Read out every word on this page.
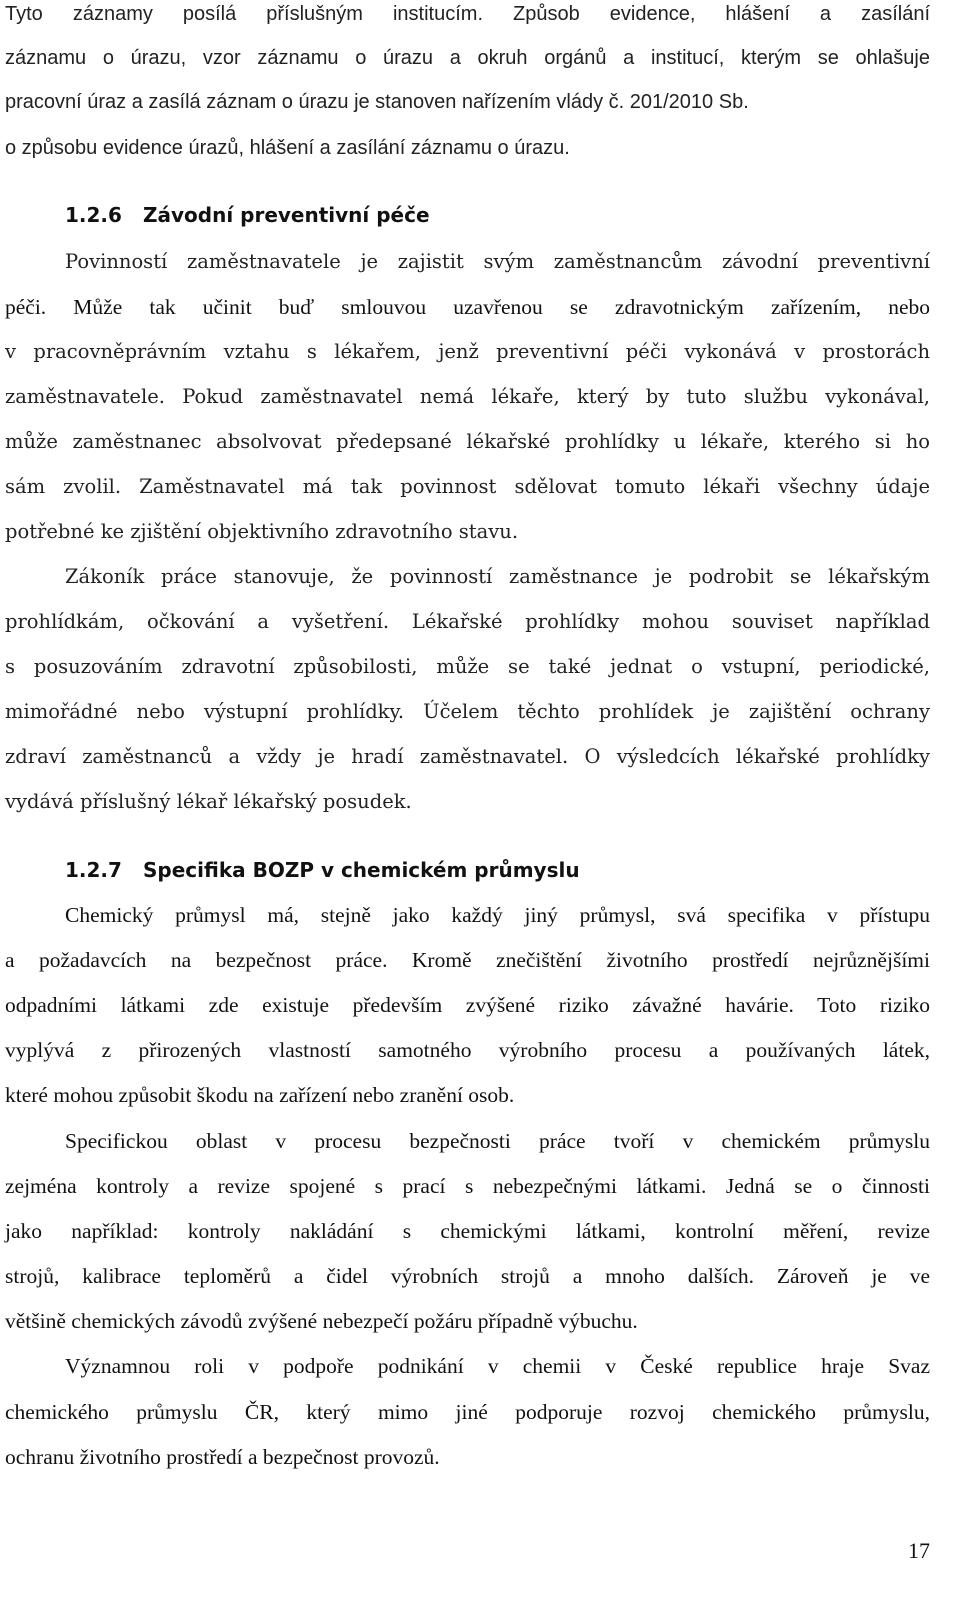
Tyto záznamy posílá příslušným institucím. Způsob evidence, hlášení a zasílání
záznamu o úrazu, vzor záznamu o úrazu a okruh orgánů a institucí, kterým se ohlašuje
pracovní úraz a zasílá záznam o úrazu je stanoven nařízením vlády č. 201/2010 Sb.
o způsobu evidence úrazů, hlášení a zasílání záznamu o úrazu.
1.2.6 Závodní preventivní péče
Povinností zaměstnavatele je zajistit svým zaměstnancům závodní preventivní
péči. Může tak učinit buď smlouvou uzavřenou se zdravotnickým zařízením, nebo
v pracovněprávním vztahu s lékařem, jenž preventivní péči vykonává v prostorách
zaměstnavatele. Pokud zaměstnavatel nemá lékaře, který by tuto službu vykonával,
může zaměstnanec absolvovat předepsané lékařské prohlídky u lékaře, kterého si ho
sám zvolil. Zaměstnavatel má tak povinnost sdělovat tomuto lékaři všechny údaje
potřebné ke zjištění objektivního zdravotního stavu.
Zákoník práce stanovuje, že povinností zaměstnance je podrobit se lékařským
prohlídkám, očkování a vyšetření. Lékařské prohlídky mohou souviset například
s posuzováním zdravotní způsobilosti, může se také jednat o vstupní, periodické,
mimořádné nebo výstupní prohlídky. Účelem těchto prohlídek je zajištění ochrany
zdraví zaměstnanců a vždy je hradí zaměstnavatel. O výsledcích lékařské prohlídky
vydává příslušný lékař lékařský posudek.
1.2.7 Specifika BOZP v chemickém průmyslu
Chemický průmysl má, stejně jako každý jiný průmysl, svá specifika v přístupu
a požadavcích na bezpečnost práce. Kromě znečištění životního prostředí nejrůznějšími
odpadními látkami zde existuje především zvýšené riziko závažné havárie. Toto riziko
vyplývá z přirozených vlastností samotného výrobního procesu a používaných látek,
které mohou způsobit škodu na zařízení nebo zranění osob.
Specifickou oblast v procesu bezpečnosti práce tvoří v chemickém průmyslu
zejména kontroly a revize spojené s prací s nebezpečnými látkami. Jedná se o činnosti
jako například: kontroly nakládání s chemickými látkami, kontrolní měření, revize
strojů, kalibrace teploměrů a čidel výrobních strojů a mnoho dalších. Zároveň je ve
většině chemických závodů zvýšené nebezpečí požáru případně výbuchu.
Významnou roli v podpoře podnikání v chemii v České republice hraje Svaz
chemického průmyslu ČR, který mimo jiné podporuje rozvoj chemického průmyslu,
ochranu životního prostředí a bezpečnost provozů.
17
